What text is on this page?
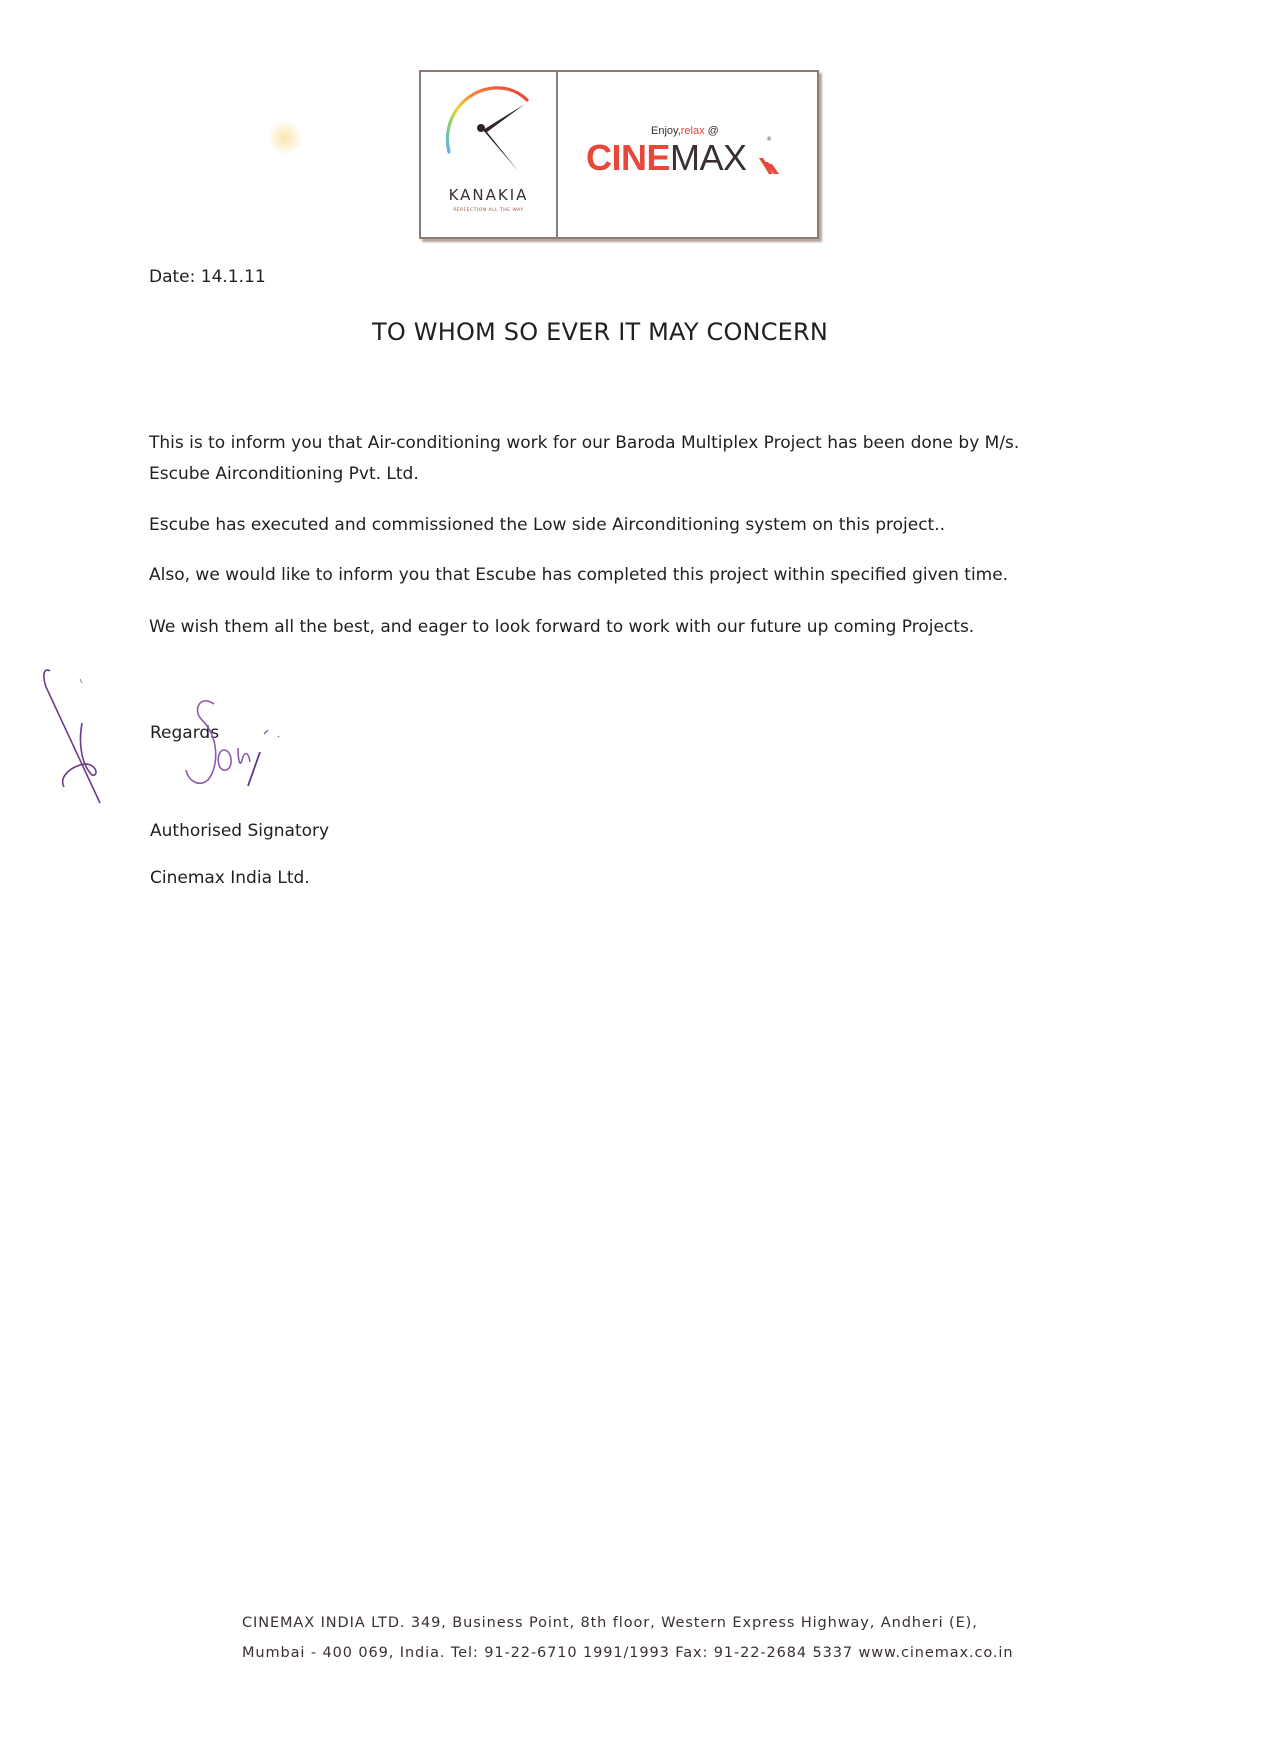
KANAKIA
PERFECTION ALL THE WAY
Enjoy,relax @
CINEMAX	®
Date: 14.1.11
TO WHOM SO EVER IT MAY CONCERN
This is to inform you that Air-conditioning work for our Baroda Multiplex Project has been done by M/s.
Escube Airconditioning Pvt. Ltd.
Escube has executed and commissioned the Low side Airconditioning system on this project..
Also, we would like to inform you that Escube has completed this project within specified given time.
We wish them all the best, and eager to look forward to work with our future up coming Projects.
Regards
Authorised Signatory
Cinemax India Ltd.
CINEMAX INDIA LTD. 349, Business Point, 8th floor, Western Express Highway, Andheri (E),
Mumbai - 400 069, India. Tel: 91-22-6710 1991/1993 Fax: 91-22-2684 5337 www.cinemax.co.in
